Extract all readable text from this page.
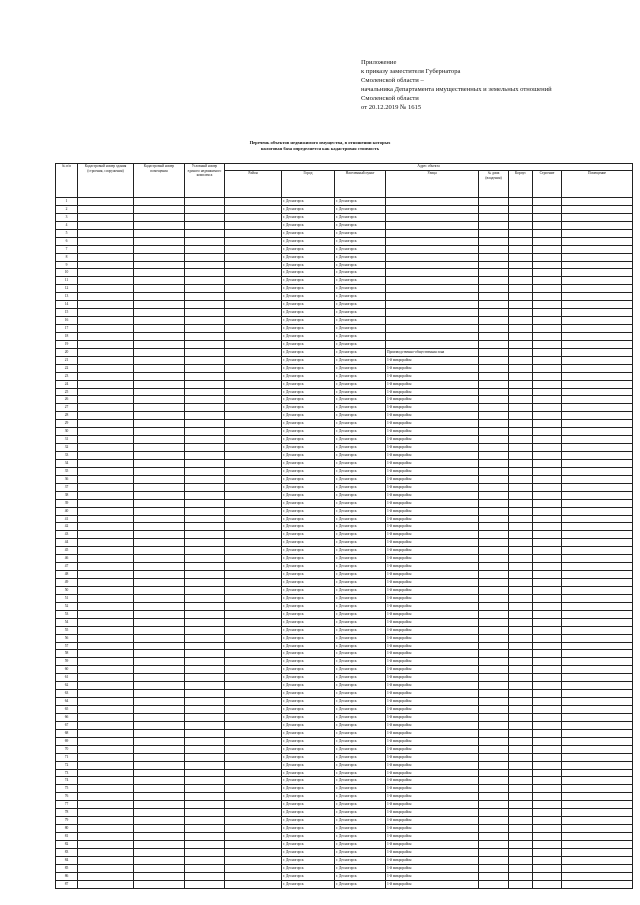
Приложение
к приказу заместителя Губернатора
Смоленской области –
начальника Департамента имущественных и земельных отношений
Смоленской области
от 20.12.2019 № 1615
Перечень объектов недвижимого имущества, в отношении которых
налоговая база определяется как кадастровая стоимость
№ п/п	Кадастровый номер здания (строения, сооружения)	Кадастровый номер помещения	Условный номер единого недвижимого комплекса	Адрес объекта							
				Район	Город	Населенный пункт	Улица	№ дома (владения)	Корпус	Строение	Помещение
1					г. Десногорск	г. Десногорск					
2					г. Десногорск	г. Десногорск					
3					г. Десногорск	г. Десногорск					
4					г. Десногорск	г. Десногорск					
5					г. Десногорск	г. Десногорск					
6					г. Десногорск	г. Десногорск					
7					г. Десногорск	г. Десногорск					
8					г. Десногорск	г. Десногорск					
9					г. Десногорск	г. Десногорск					
10					г. Десногорск	г. Десногорск					
11					г. Десногорск	г. Десногорск					
12					г. Десногорск	г. Десногорск					
13					г. Десногорск	г. Десногорск					
14					г. Десногорск	г. Десногорск					
15					г. Десногорск	г. Десногорск					
16					г. Десногорск	г. Десногорск					
17					г. Десногорск	г. Десногорск					
18					г. Десногорск	г. Десногорск					
19					г. Десногорск	г. Десногорск					
20					г. Десногорск	г. Десногорск	Производственно-общественная зона				
21					г. Десногорск	г. Десногорск	1-й микрорайон				
22					г. Десногорск	г. Десногорск	1-й микрорайон				
23					г. Десногорск	г. Десногорск	1-й микрорайон				
24					г. Десногорск	г. Десногорск	1-й микрорайон				
25					г. Десногорск	г. Десногорск	1-й микрорайон				
26					г. Десногорск	г. Десногорск	1-й микрорайон				
27					г. Десногорск	г. Десногорск	1-й микрорайон				
28					г. Десногорск	г. Десногорск	1-й микрорайон				
29					г. Десногорск	г. Десногорск	1-й микрорайон				
30					г. Десногорск	г. Десногорск	1-й микрорайон				
31					г. Десногорск	г. Десногорск	1-й микрорайон				
32					г. Десногорск	г. Десногорск	1-й микрорайон				
33					г. Десногорск	г. Десногорск	1-й микрорайон				
34					г. Десногорск	г. Десногорск	1-й микрорайон				
35					г. Десногорск	г. Десногорск	1-й микрорайон				
36					г. Десногорск	г. Десногорск	1-й микрорайон				
37					г. Десногорск	г. Десногорск	1-й микрорайон				
38					г. Десногорск	г. Десногорск	1-й микрорайон				
39					г. Десногорск	г. Десногорск	1-й микрорайон				
40					г. Десногорск	г. Десногорск	1-й микрорайон				
41					г. Десногорск	г. Десногорск	1-й микрорайон				
42					г. Десногорск	г. Десногорск	1-й микрорайон				
43					г. Десногорск	г. Десногорск	1-й микрорайон				
44					г. Десногорск	г. Десногорск	1-й микрорайон				
45					г. Десногорск	г. Десногорск	1-й микрорайон				
46					г. Десногорск	г. Десногорск	1-й микрорайон				
47					г. Десногорск	г. Десногорск	1-й микрорайон				
48					г. Десногорск	г. Десногорск	1-й микрорайон				
49					г. Десногорск	г. Десногорск	1-й микрорайон				
50					г. Десногорск	г. Десногорск	1-й микрорайон				
51					г. Десногорск	г. Десногорск	1-й микрорайон				
52					г. Десногорск	г. Десногорск	1-й микрорайон				
53					г. Десногорск	г. Десногорск	1-й микрорайон				
54					г. Десногорск	г. Десногорск	1-й микрорайон				
55					г. Десногорск	г. Десногорск	1-й микрорайон				
56					г. Десногорск	г. Десногорск	1-й микрорайон				
57					г. Десногорск	г. Десногорск	1-й микрорайон				
58					г. Десногорск	г. Десногорск	1-й микрорайон				
59					г. Десногорск	г. Десногорск	1-й микрорайон				
60					г. Десногорск	г. Десногорск	1-й микрорайон				
61					г. Десногорск	г. Десногорск	1-й микрорайон				
62					г. Десногорск	г. Десногорск	1-й микрорайон				
63					г. Десногорск	г. Десногорск	1-й микрорайон				
64					г. Десногорск	г. Десногорск	1-й микрорайон				
65					г. Десногорск	г. Десногорск	1-й микрорайон				
66					г. Десногорск	г. Десногорск	1-й микрорайон				
67					г. Десногорск	г. Десногорск	1-й микрорайон				
68					г. Десногорск	г. Десногорск	1-й микрорайон				
69					г. Десногорск	г. Десногорск	1-й микрорайон				
70					г. Десногорск	г. Десногорск	1-й микрорайон				
71					г. Десногорск	г. Десногорск	1-й микрорайон				
72					г. Десногорск	г. Десногорск	1-й микрорайон				
73					г. Десногорск	г. Десногорск	1-й микрорайон				
74					г. Десногорск	г. Десногорск	1-й микрорайон				
75					г. Десногорск	г. Десногорск	1-й микрорайон				
76					г. Десногорск	г. Десногорск	1-й микрорайон				
77					г. Десногорск	г. Десногорск	1-й микрорайон				
78					г. Десногорск	г. Десногорск	1-й микрорайон				
79					г. Десногорск	г. Десногорск	1-й микрорайон				
80					г. Десногорск	г. Десногорск	1-й микрорайон				
81					г. Десногорск	г. Десногорск	1-й микрорайон				
82					г. Десногорск	г. Десногорск	1-й микрорайон				
83					г. Десногорск	г. Десногорск	1-й микрорайон				
84					г. Десногорск	г. Десногорск	1-й микрорайон				
85					г. Десногорск	г. Десногорск	1-й микрорайон				
86					г. Десногорск	г. Десногорск	1-й микрорайон				
87					г. Десногорск	г. Десногорск	1-й микрорайон				
